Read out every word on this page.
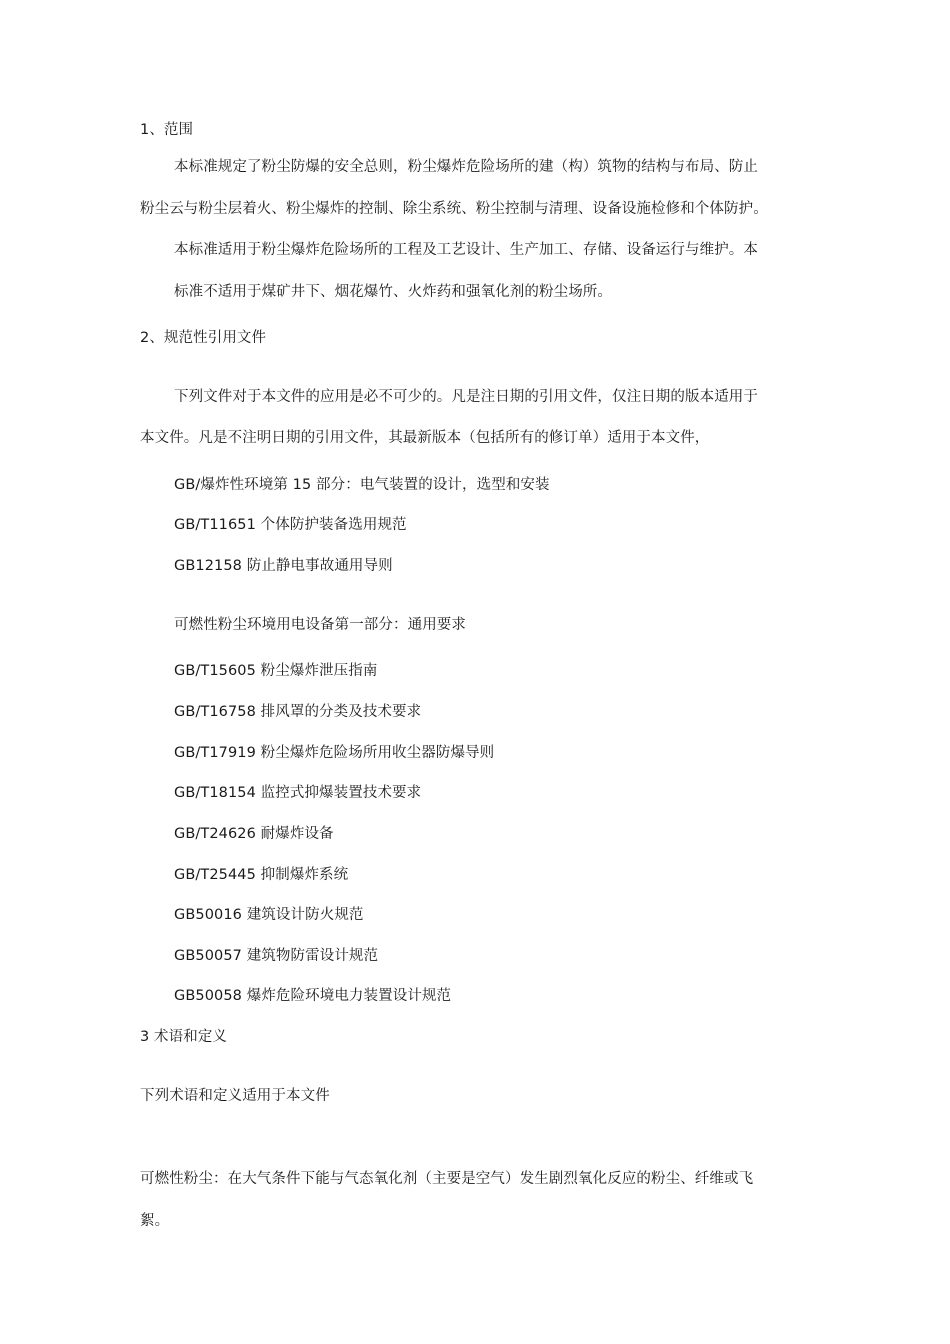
1、范围
本标准规定了粉尘防爆的安全总则，粉尘爆炸危险场所的建（构）筑物的结构与布局、防止
粉尘云与粉尘层着火、粉尘爆炸的控制、除尘系统、粉尘控制与清理、设备设施检修和个体防护。
本标准适用于粉尘爆炸危险场所的工程及工艺设计、生产加工、存储、设备运行与维护。本
标准不适用于煤矿井下、烟花爆竹、火炸药和强氧化剂的粉尘场所。
2、规范性引用文件
下列文件对于本文件的应用是必不可少的。凡是注日期的引用文件，仅注日期的版本适用于
本文件。凡是不注明日期的引用文件，其最新版本（包括所有的修订单）适用于本文件，
GB/爆炸性环境第 15 部分：电气装置的设计，选型和安装
GB/T11651 个体防护装备选用规范
GB12158 防止静电事故通用导则
可燃性粉尘环境用电设备第一部分：通用要求
GB/T15605 粉尘爆炸泄压指南
GB/T16758 排风罩的分类及技术要求
GB/T17919 粉尘爆炸危险场所用收尘器防爆导则
GB/T18154 监控式抑爆装置技术要求
GB/T24626 耐爆炸设备
GB/T25445 抑制爆炸系统
GB50016 建筑设计防火规范
GB50057 建筑物防雷设计规范
GB50058 爆炸危险环境电力装置设计规范
3 术语和定义
下列术语和定义适用于本文件
可燃性粉尘：在大气条件下能与气态氧化剂（主要是空气）发生剧烈氧化反应的粉尘、纤维或飞
絮。
